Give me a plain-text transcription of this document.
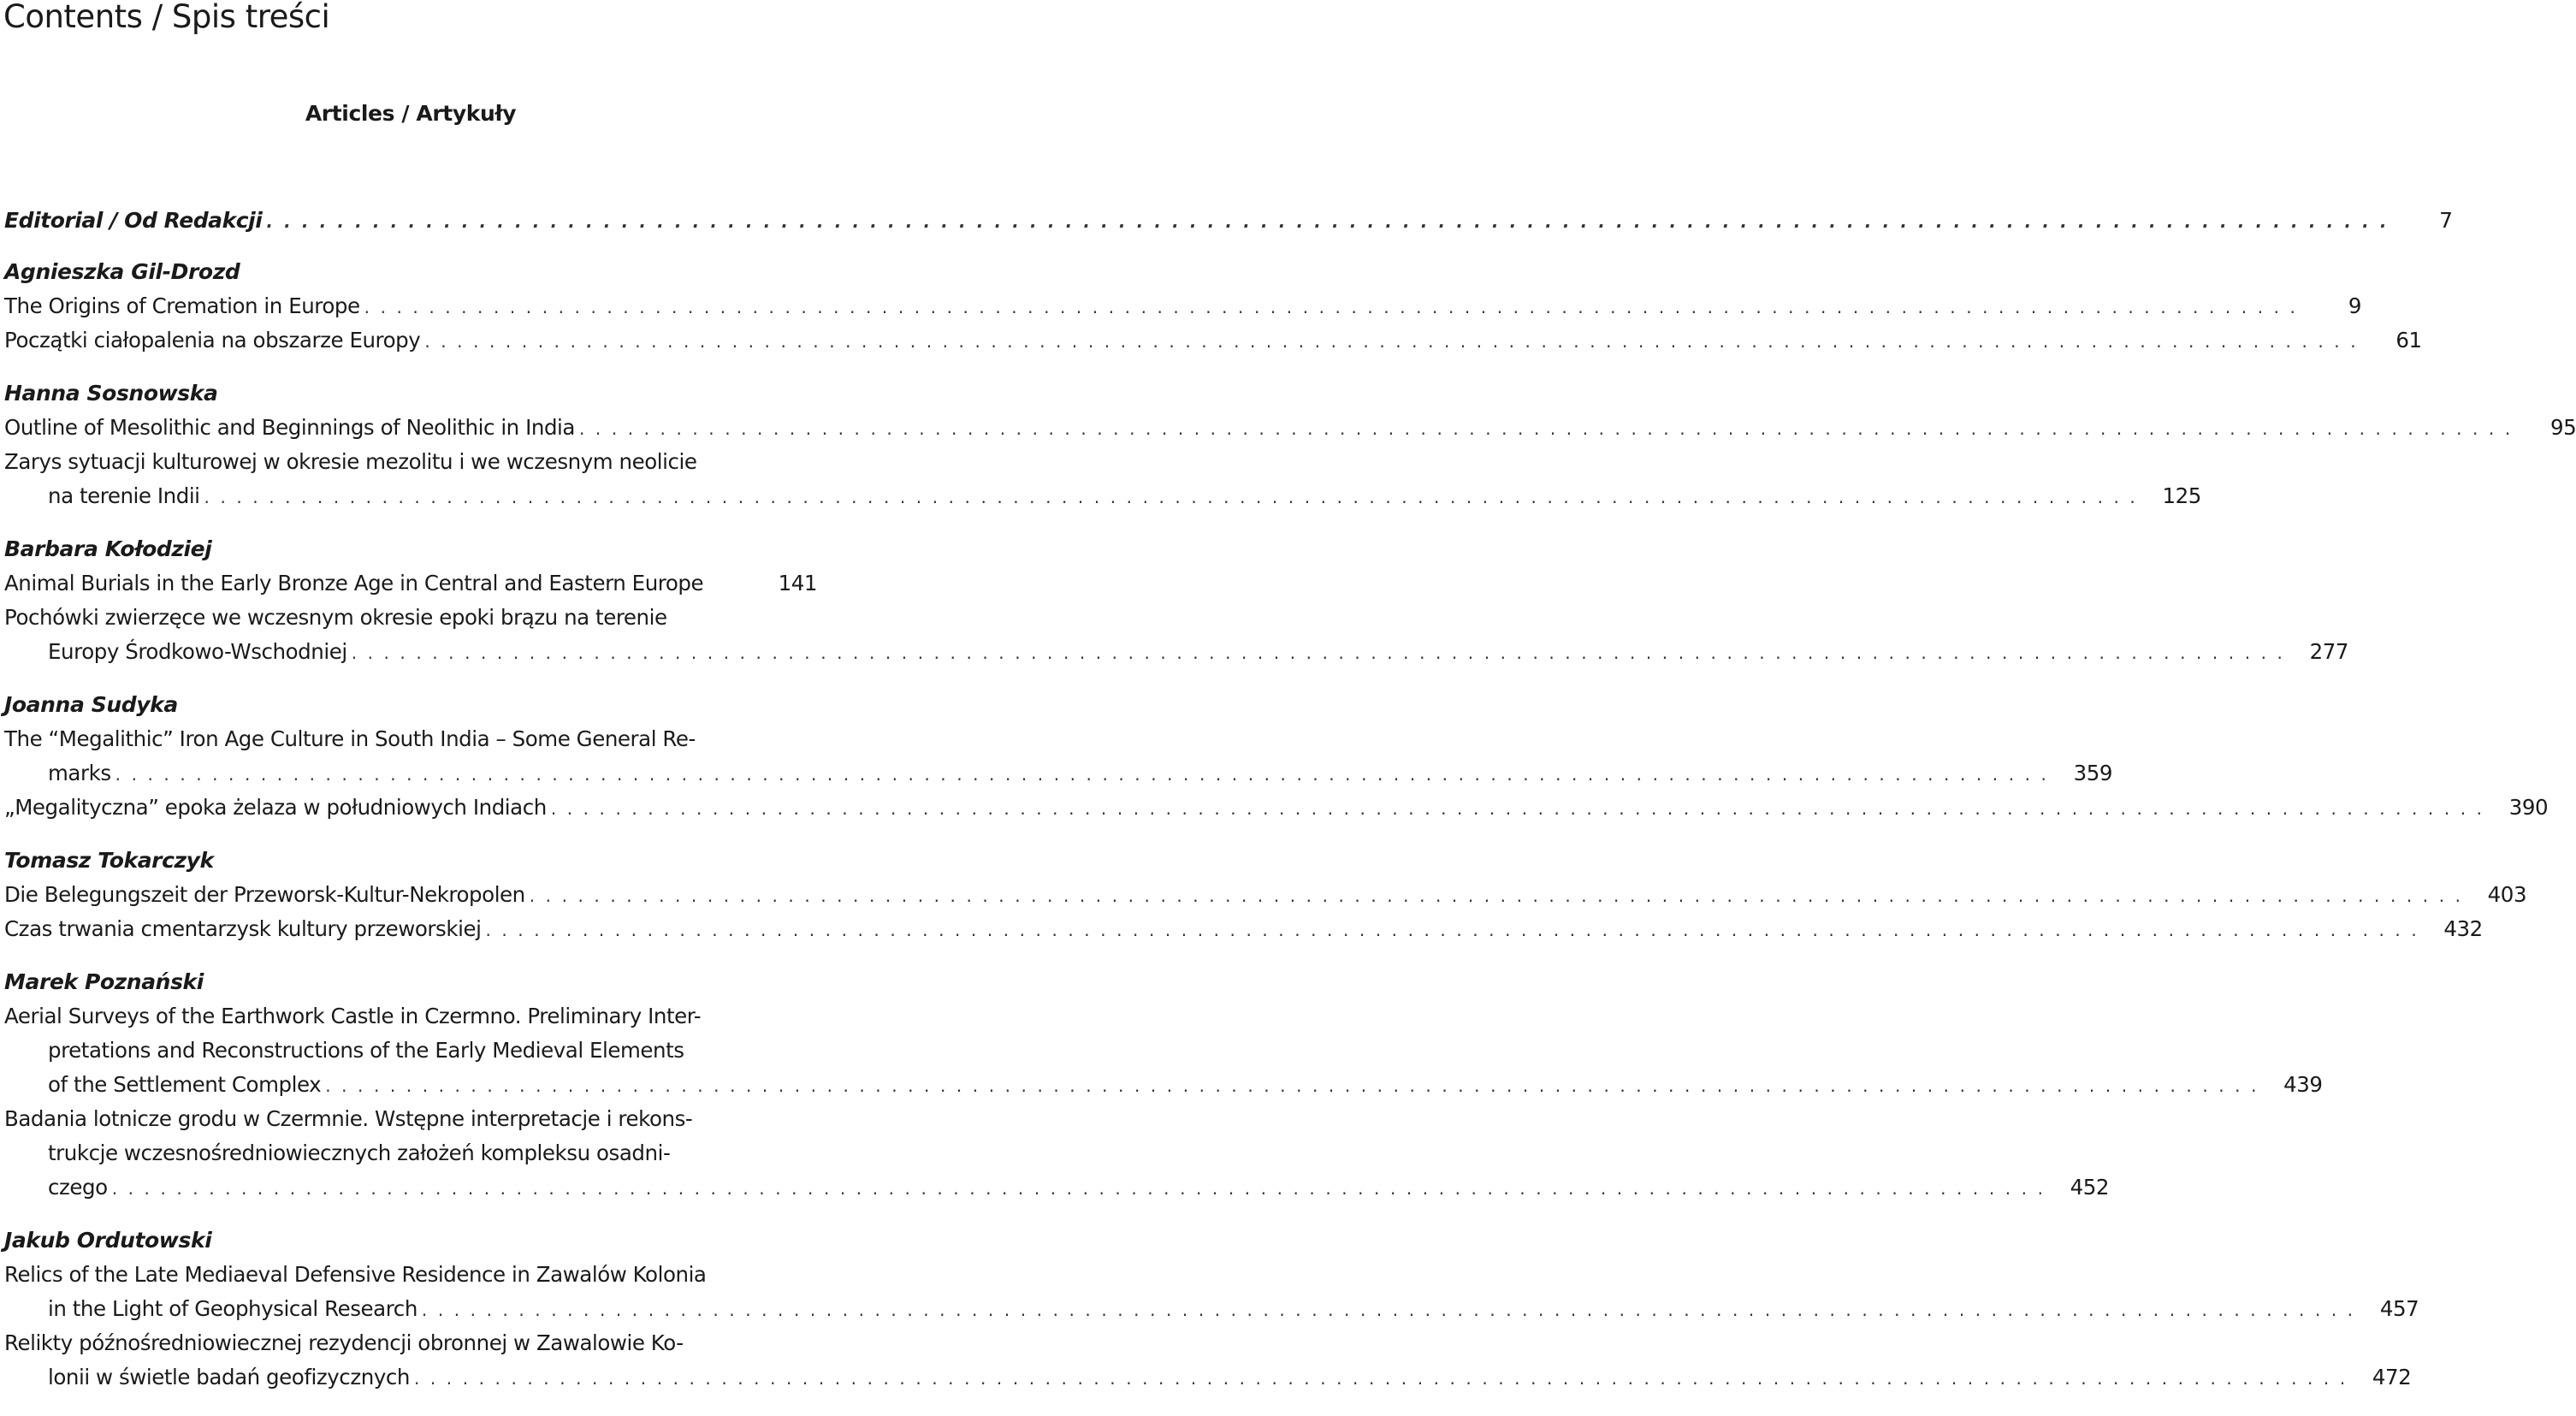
Contents / Spis treści
Articles / Artykuły
Editorial / Od Redakcji . . . . . . . . . . . . . . . . . . . . . . . . . . . . . . . . . . . . . . . . . . . . . . . . . . . . . . . . . . . . . . . . . . . . . . . . . . . . . . . . . . . . . . . . . . . . . . . . . . . . . . . . . . . . . . . . . . . . . . . .	7
Agnieszka Gil-Drozd
The Origins of Cremation in Europe . . . . . . . . . . . . . . . . . . . . . . . . . . . . . . . . . . . . . . . . . . . . . . . . . . . . . . . . . . . . . . . . . . . . . . . . . . . . . . . . . . . . . . . . . . . . . . . . . . . . . . . . . . . . . . . . . . . . . . . .	9
Początki ciałopalenia na obszarze Europy . . . . . . . . . . . . . . . . . . . . . . . . . . . . . . . . . . . . . . . . . . . . . . . . . . . . . . . . . . . . . . . . . . . . . . . . . . . . . . . . . . . . . . . . . . . . . . . . . . . . . . . . . . . . . . . . . . . . . . . .	61
Hanna Sosnowska
Outline of Mesolithic and Beginnings of Neolithic in India . . . . . . . . . . . . . . . . . . . . . . . . . . . . . . . . . . . . . . . . . . . . . . . . . . . . . . . . . . . . . . . . . . . . . . . . . . . . . . . . . . . . . . . . . . . . . . . . . . . . . . . . . . . . . . . . . . . . . . . .	95
Zarys sytuacji kulturowej w okresie mezolitu i we wczesnym neolicie
na terenie Indii . . . . . . . . . . . . . . . . . . . . . . . . . . . . . . . . . . . . . . . . . . . . . . . . . . . . . . . . . . . . . . . . . . . . . . . . . . . . . . . . . . . . . . . . . . . . . . . . . . . . . . . . . . . . . . . . . . . . . . . .	125
Barbara Kołodziej
Animal Burials in the Early Bronze Age in Central and Eastern Europe	141
Pochówki zwierzęce we wczesnym okresie epoki brązu na terenie
Europy Środkowo-Wschodniej . . . . . . . . . . . . . . . . . . . . . . . . . . . . . . . . . . . . . . . . . . . . . . . . . . . . . . . . . . . . . . . . . . . . . . . . . . . . . . . . . . . . . . . . . . . . . . . . . . . . . . . . . . . . . . . . . . . . . . . .	277
Joanna Sudyka
The “Megalithic” Iron Age Culture in South India – Some General Re-
marks . . . . . . . . . . . . . . . . . . . . . . . . . . . . . . . . . . . . . . . . . . . . . . . . . . . . . . . . . . . . . . . . . . . . . . . . . . . . . . . . . . . . . . . . . . . . . . . . . . . . . . . . . . . . . . . . . . . . . . . .	359
„Megalityczna” epoka żelaza w południowych Indiach . . . . . . . . . . . . . . . . . . . . . . . . . . . . . . . . . . . . . . . . . . . . . . . . . . . . . . . . . . . . . . . . . . . . . . . . . . . . . . . . . . . . . . . . . . . . . . . . . . . . . . . . . . . . . . . . . . . . . . . .	390
Tomasz Tokarczyk
Die Belegungszeit der Przeworsk-Kultur-Nekropolen . . . . . . . . . . . . . . . . . . . . . . . . . . . . . . . . . . . . . . . . . . . . . . . . . . . . . . . . . . . . . . . . . . . . . . . . . . . . . . . . . . . . . . . . . . . . . . . . . . . . . . . . . . . . . . . . . . . . . . . .	403
Czas trwania cmentarzysk kultury przeworskiej . . . . . . . . . . . . . . . . . . . . . . . . . . . . . . . . . . . . . . . . . . . . . . . . . . . . . . . . . . . . . . . . . . . . . . . . . . . . . . . . . . . . . . . . . . . . . . . . . . . . . . . . . . . . . . . . . . . . . . . .	432
Marek Poznański
Aerial Surveys of the Earthwork Castle in Czermno. Preliminary Inter-
pretations and Reconstructions of the Early Medieval Elements
of the Settlement Complex . . . . . . . . . . . . . . . . . . . . . . . . . . . . . . . . . . . . . . . . . . . . . . . . . . . . . . . . . . . . . . . . . . . . . . . . . . . . . . . . . . . . . . . . . . . . . . . . . . . . . . . . . . . . . . . . . . . . . . . .	439
Badania lotnicze grodu w Czermnie. Wstępne interpretacje i rekons-
trukcje wczesnośredniowiecznych założeń kompleksu osadni-
czego . . . . . . . . . . . . . . . . . . . . . . . . . . . . . . . . . . . . . . . . . . . . . . . . . . . . . . . . . . . . . . . . . . . . . . . . . . . . . . . . . . . . . . . . . . . . . . . . . . . . . . . . . . . . . . . . . . . . . . . .	452
Jakub Ordutowski
Relics of the Late Mediaeval Defensive Residence in Zawalów Kolonia
in the Light of Geophysical Research . . . . . . . . . . . . . . . . . . . . . . . . . . . . . . . . . . . . . . . . . . . . . . . . . . . . . . . . . . . . . . . . . . . . . . . . . . . . . . . . . . . . . . . . . . . . . . . . . . . . . . . . . . . . . . . . . . . . . . . .	457
Relikty późnośredniowiecznej rezydencji obronnej w Zawalowie Ko-
lonii w świetle badań geofizycznych . . . . . . . . . . . . . . . . . . . . . . . . . . . . . . . . . . . . . . . . . . . . . . . . . . . . . . . . . . . . . . . . . . . . . . . . . . . . . . . . . . . . . . . . . . . . . . . . . . . . . . . . . . . . . . . . . . . . . . . .	472
